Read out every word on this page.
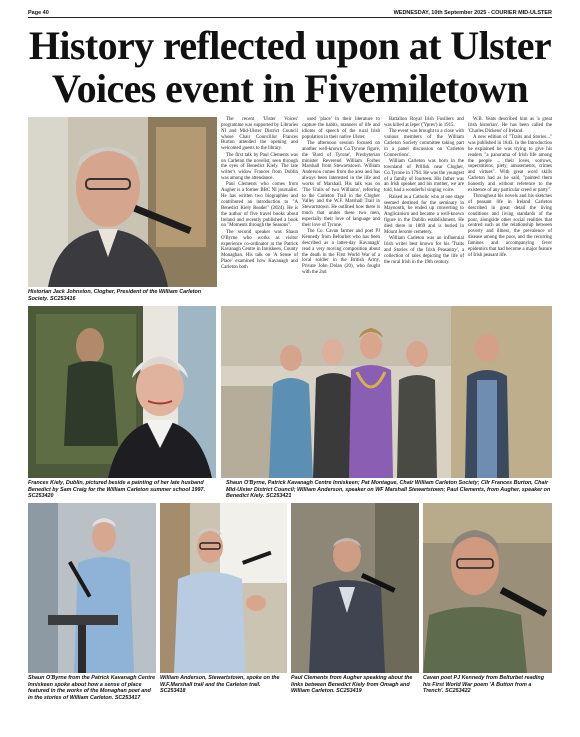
Page 40	WEDNESDAY, 10th September 2025 - COURIER MID-ULSTER
History reflected upon at Ulster Voices event in Fivemiletown
Historian Jack Johnston, Clogher, President of the William Carleton Society. SC253416

The recent 'Ulster Voices' programme was supported by Libraries NI and Mid-Ulster District Council whose Chair Councillor Frances Burton attended the opening and welcomed guests to the library.

The first talk by Paul Clements was on Carleton the novelist, seen through the eyes of Benedict Kiely. The late writer's widow Frances from Dublin was among the attendance.

Paul Clements who comes from Augher is a former BBC NI journalist. He has written two biographies and contributed an introduction to "A Benedict Kiely Reader" (2024). He is the author of five travel books about Ireland and recently published a book on "Moments through the Seasons".

The second speaker was Shaun O'Byrne who works as visitor experience co-ordinator at the Patrick Kavanagh Centre in Inniskeen, County Monaghan. His talk on 'A Sense of Place' examined how Kavanagh and Carleton both

used 'place' in their literature to capture the habits, manners of life and idioms of speech of the rural Irish population in their native Ulster.

The afternoon session focused on another well-known Co.Tyrone figure, the 'Bard of Tyrone', Presbyterian minister Reverend William Forbes Marshall from Stewartstown. William Anderson comes from the area and has always been interested in the life and works of Marshall. His talk was on 'The Trails of two Williams', referring to the Carleton Trail in the Clogher Valley and the W.F. Marshall Trail in Stewartstown. He outlined how there is much that unites these two men, especially their love of language and their love of Tyrone.

The Co. Cavan farmer and poet PJ Kennedy from Belturbet who has been described as a latter-day Kavanagh' read a very moving composition about the death in the First World War of a local soldier in the British Army, Private John Dolan (20), who fought with the 2nd

Battalion Royal Irish Fusiliers and was killed at Ieper ('Ypres') in 1915.

The event was brought to a close with various members of the William Carleton Society committee taking part in a panel discussion on 'Carleton Connections'.

William Carleton was born in the townland of Prillisk near Clogher, Co.Tyrone in 1794. He was the youngest of a family of fourteen. His father was an Irish speaker and his mother, we are told, had a wonderful singing voice.

Raised as a Catholic who at one stage seemed destined for the seminary in Maynooth, he ended up converting to Anglicanism and became a well-known figure in the Dublin establishment. He died there in 1869 and is buried in Mount Jerome cemetery.

William Carleton was an influential Irish writer best known for his 'Traits and Stories of the Irish Peasantry', a collection of tales depicting the life of the rural Irish in the 19th century.

W.B. Yeats described him as 'a great Irish historian'. He has been called the 'Charles Dickens' of Ireland.

A new edition of "Traits and Stories..." was published in 1843. In the Introduction he explained he was trying to give his readers "a panorama of Irish life among the people ... their loves, sorrows, superstitions, piety, amusements, crimes and virtues". With great word skills Carleton had as he said, "painted them honestly and without reference to the existence of any particular creed or party".

Throughout his novels and his sketches of peasant life in Ireland Carleton described in great detail the living conditions and living standards of the poor, alongside other social realities that centred such as the relationship between poverty and illness, the prevalence of disease among the poor, and the recurring famines and accompanying fever epidemics that had become a major feature of Irish peasant life.

Frances Kiely, Dublin, pictured beside a painting of her late husband Benedict by Sam Craig for the William Carleton summer school 1997. SC253420
Shaun O'Byrne, Patrick Kavanagh Centre Inniskeen; Pat Montague, Chair William Carleton Society; Cllr Frances Burton, Chair Mid-Ulster District Council; William Anderson, speaker on WF Marshall Stewartstown; Paul Clements, from Augher, speaker on Benedict Kiely. SC253421
Shaun O'Byrne from the Patrick Kavanagh Centre Inniskeen spoke about how a sense of place featured in the works of the Monaghan poet and in the stories of William Carleton. SC253417
William Anderson, Stewartstown, spoke on the W.F.Marshall trail and the Carleton trail. SC253418
Paul Clements from Augher speaking about the links between Benedict Kiely from Omagh and William Carleton. SC253419
Cavan poet PJ Kennedy from Belturbet reading his First World War poem 'A Button from a Trench'. SC253422
